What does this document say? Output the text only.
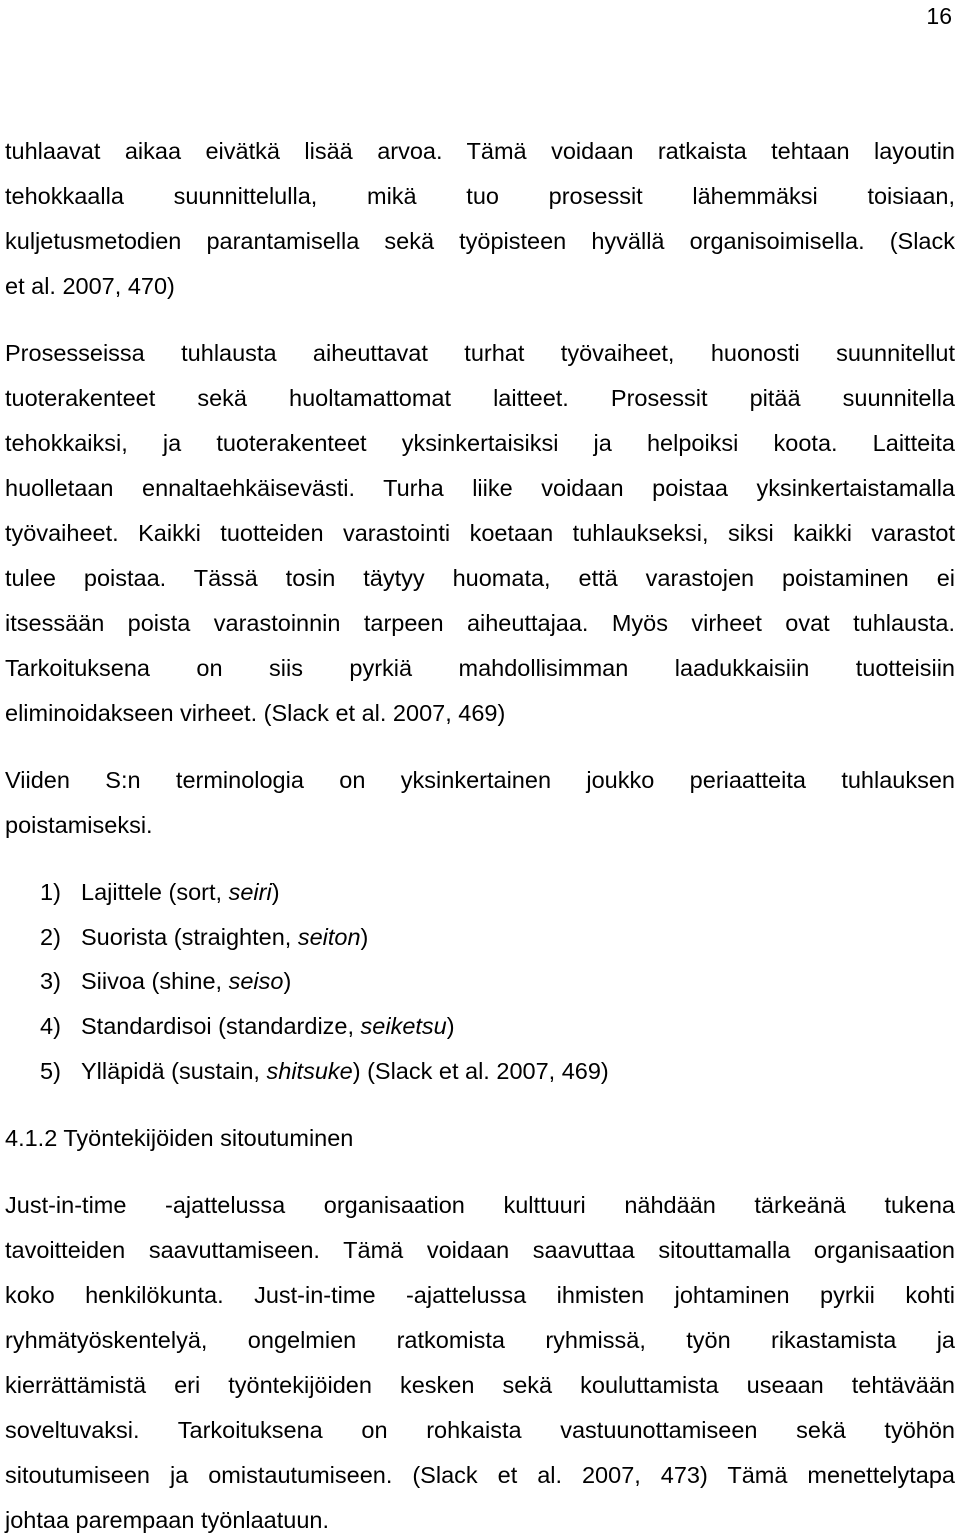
16
tuhlaavat aikaa eivätkä lisää arvoa. Tämä voidaan ratkaista tehtaan layoutin
tehokkaalla suunnittelulla, mikä tuo prosessit lähemmäksi toisiaan,
kuljetusmetodien parantamisella sekä työpisteen hyvällä organisoimisella. (Slack
et al. 2007, 470)
Prosesseissa tuhlausta aiheuttavat turhat työvaiheet, huonosti suunnitellut
tuoterakenteet sekä huoltamattomat laitteet. Prosessit pitää suunnitella
tehokkaiksi, ja tuoterakenteet yksinkertaisiksi ja helpoiksi koota. Laitteita
huolletaan ennaltaehkäisevästi. Turha liike voidaan poistaa yksinkertaistamalla
työvaiheet. Kaikki tuotteiden varastointi koetaan tuhlaukseksi, siksi kaikki varastot
tulee poistaa. Tässä tosin täytyy huomata, että varastojen poistaminen ei
itsessään poista varastoinnin tarpeen aiheuttajaa. Myös virheet ovat tuhlausta.
Tarkoituksena on siis pyrkiä mahdollisimman laadukkaisiin tuotteisiin
eliminoidakseen virheet. (Slack et al. 2007, 469)
Viiden S:n terminologia on yksinkertainen joukko periaatteita tuhlauksen
poistamiseksi.
1) Lajittele (sort, seiri)
2) Suorista (straighten, seiton)
3) Siivoa (shine, seiso)
4) Standardisoi (standardize, seiketsu)
5) Ylläpidä (sustain, shitsuke) (Slack et al. 2007, 469)
4.1.2 Työntekijöiden sitoutuminen
Just-in-time -ajattelussa organisaation kulttuuri nähdään tärkeänä tukena
tavoitteiden saavuttamiseen. Tämä voidaan saavuttaa sitouttamalla organisaation
koko henkilökunta. Just-in-time -ajattelussa ihmisten johtaminen pyrkii kohti
ryhmätyöskentelyä, ongelmien ratkomista ryhmissä, työn rikastamista ja
kierrättämistä eri työntekijöiden kesken sekä kouluttamista useaan tehtävään
soveltuvaksi. Tarkoituksena on rohkaista vastuunottamiseen sekä työhön
sitoutumiseen ja omistautumiseen. (Slack et al. 2007, 473) Tämä menettelytapa
johtaa parempaan työnlaatuun.
